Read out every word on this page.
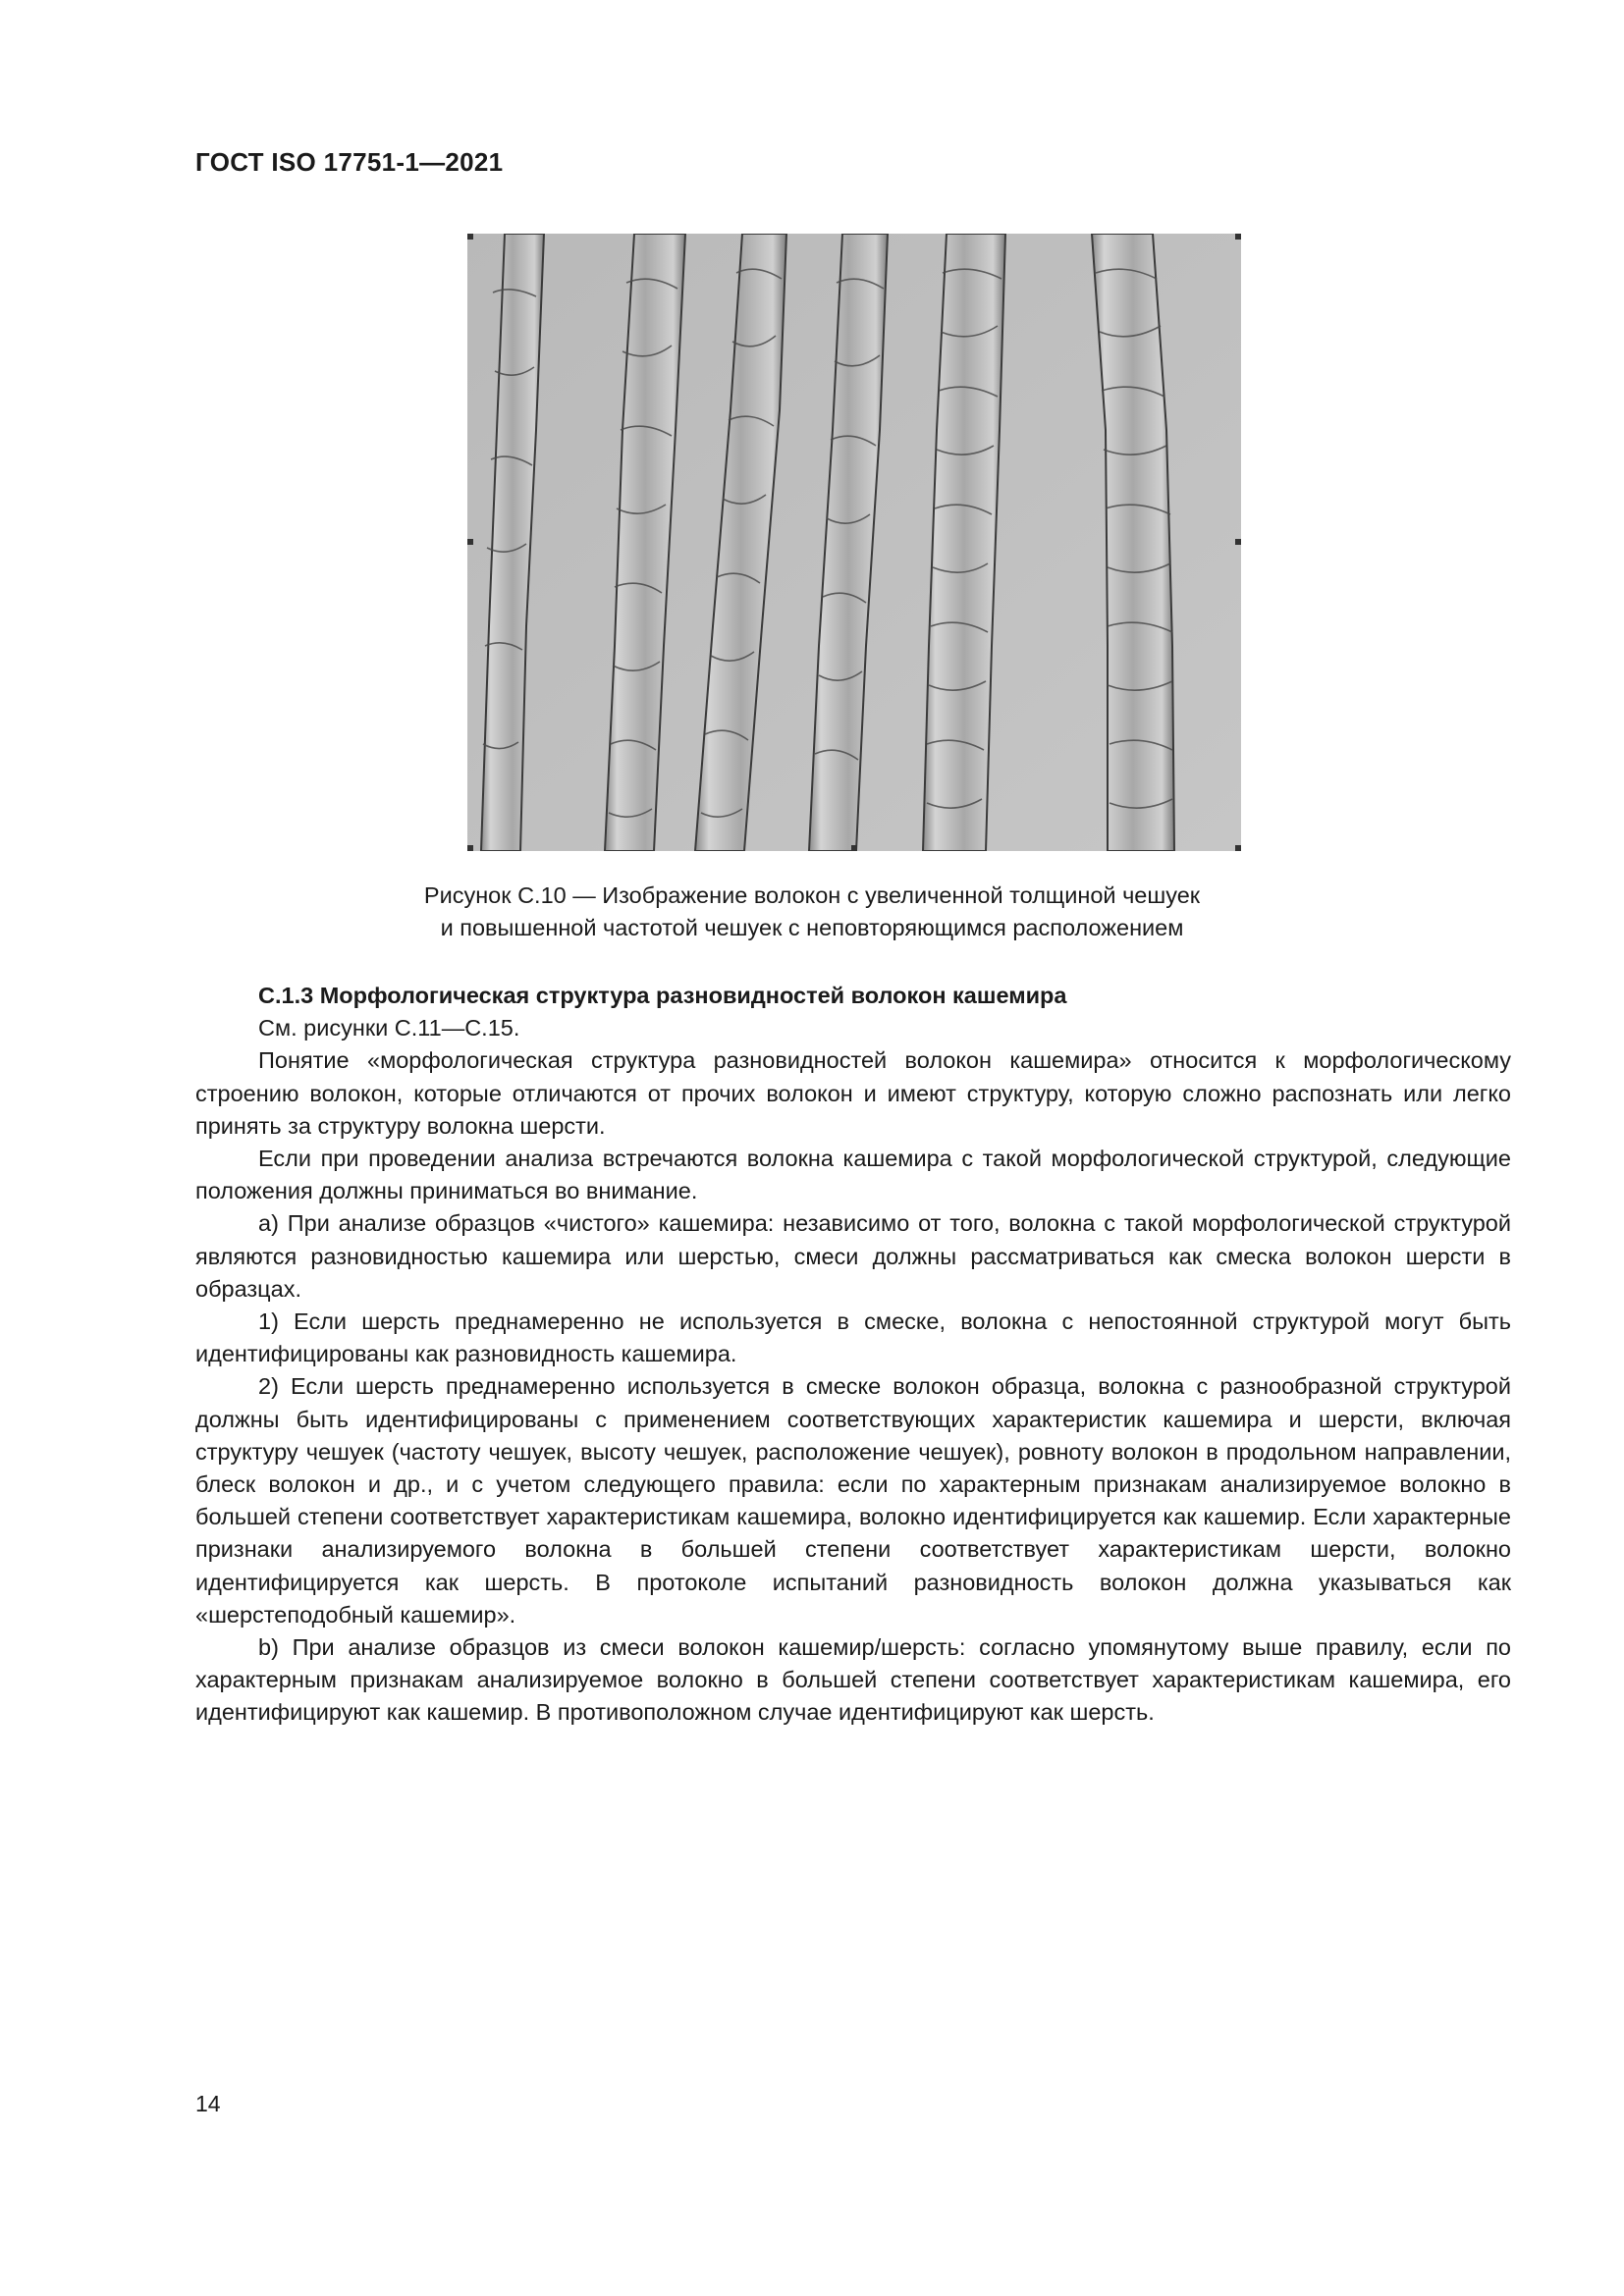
ГОСТ ISO 17751-1—2021
Рисунок C.10 — Изображение волокон с увеличенной толщиной чешуек
и повышенной частотой чешуек с неповторяющимся расположением

C.1.3 Морфологическая структура разновидностей волокон кашемира

См. рисунки C.11—C.15.

Понятие «морфологическая структура разновидностей волокон кашемира» относится к морфологическому строению волокон, которые отличаются от прочих волокон и имеют структуру, которую сложно распознать или легко принять за структуру волокна шерсти.

Если при проведении анализа встречаются волокна кашемира с такой морфологической структурой, следующие положения должны приниматься во внимание.

a) При анализе образцов «чистого» кашемира: независимо от того, волокна с такой морфологической структурой являются разновидностью кашемира или шерстью, смеси должны рассматриваться как смеска волокон шерсти в образцах.

1) Если шерсть преднамеренно не используется в смеске, волокна с непостоянной структурой могут быть идентифицированы как разновидность кашемира.

2) Если шерсть преднамеренно используется в смеске волокон образца, волокна с разнообразной структурой должны быть идентифицированы с применением соответствующих характеристик кашемира и шерсти, включая структуру чешуек (частоту чешуек, высоту чешуек, расположение чешуек), ровноту волокон в продольном направлении, блеск волокон и др., и с учетом следующего правила: если по характерным признакам анализируемое волокно в большей степени соответствует характеристикам кашемира, волокно идентифицируется как кашемир. Если характерные признаки анализируемого волокна в большей степени соответствует характеристикам шерсти, волокно идентифицируется как шерсть. В протоколе испытаний разновидность волокон должна указываться как «шерстеподобный кашемир».

b) При анализе образцов из смеси волокон кашемир/шерсть: согласно упомянутому выше правилу, если по характерным признакам анализируемое волокно в большей степени соответствует характеристикам кашемира, его идентифицируют как кашемир. В противоположном случае идентифицируют как шерсть.

14
